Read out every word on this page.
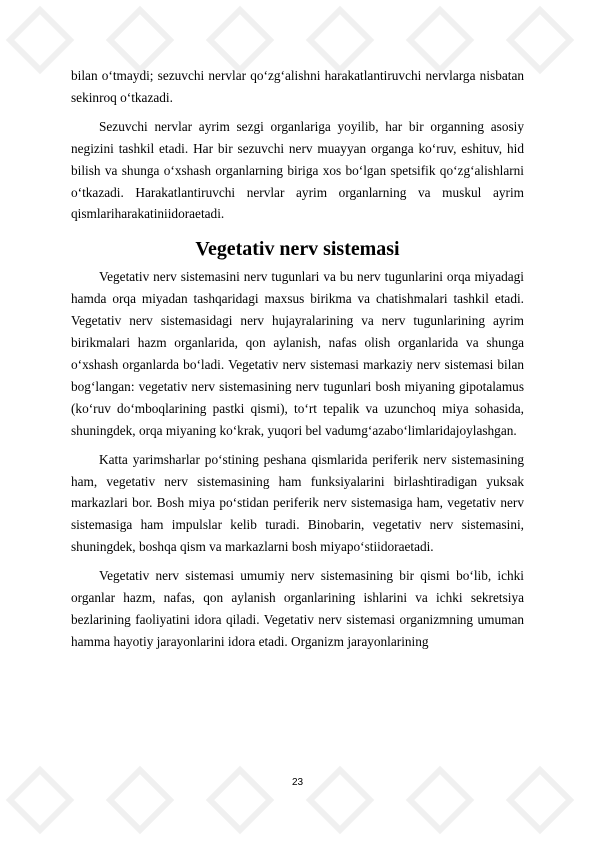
bilan o‘tmaydi; sezuvchi nervlar qo‘zg‘alishni harakatlantiruvchi nervlarga nisbatan sekinroq o‘tkazadi.

Sezuvchi nervlar ayrim sezgi organlariga yoyilib, har bir organning asosiy negizini tashkil etadi. Har bir sezuvchi nerv muayyan organga ko‘ruv, eshituv, hid bilish va shunga o‘xshash organlarning biriga xos bo‘lgan spetsifik qo‘zg‘alishlarni o‘tkazadi. Harakatlantiruvchi nervlar ayrim organlarning va muskul ayrim qismlariharakatiniidoraetadi.

Vegetativ nerv sistemasi

Vegetativ nerv sistemasini nerv tugunlari va bu nerv tugunlarini orqa miyadagi hamda orqa miyadan tashqaridagi maxsus birikma va chatishmalari tashkil etadi. Vegetativ nerv sistemasidagi nerv hujayralarining va nerv tugunlarining ayrim birikmalari hazm organlarida, qon aylanish, nafas olish organlarida va shunga o‘xshash organlarda bo‘ladi. Vegetativ nerv sistemasi markaziy nerv sistemasi bilan bog‘langan: vegetativ nerv sistemasining nerv tugunlari bosh miyaning gipotalamus (ko‘ruv do‘mboqlarining pastki qismi), to‘rt tepalik va uzunchoq miya sohasida, shuningdek, orqa miyaning ko‘krak, yuqori bel vadumg‘azabo‘limlaridajoylashgan.

Katta yarimsharlar po‘stining peshana qismlarida periferik nerv sistemasining ham, vegetativ nerv sistemasining ham funksiyalarini birlashtiradigan yuksak markazlari bor. Bosh miya po‘stidan periferik nerv sistemasiga ham, vegetativ nerv sistemasiga ham impulslar kelib turadi. Binobarin, vegetativ nerv sistemasini, shuningdek, boshqa qism va markazlarni bosh miyapo‘stiidoraetadi.

Vegetativ nerv sistemasi umumiy nerv sistemasining bir qismi bo‘lib, ichki organlar hazm, nafas, qon aylanish organlarining ishlarini va ichki sekretsiya bezlarining faoliyatini idora qiladi. Vegetativ nerv sistemasi organizmning umuman hamma hayotiy jarayonlarini idora etadi. Organizm jarayonlarining

23
